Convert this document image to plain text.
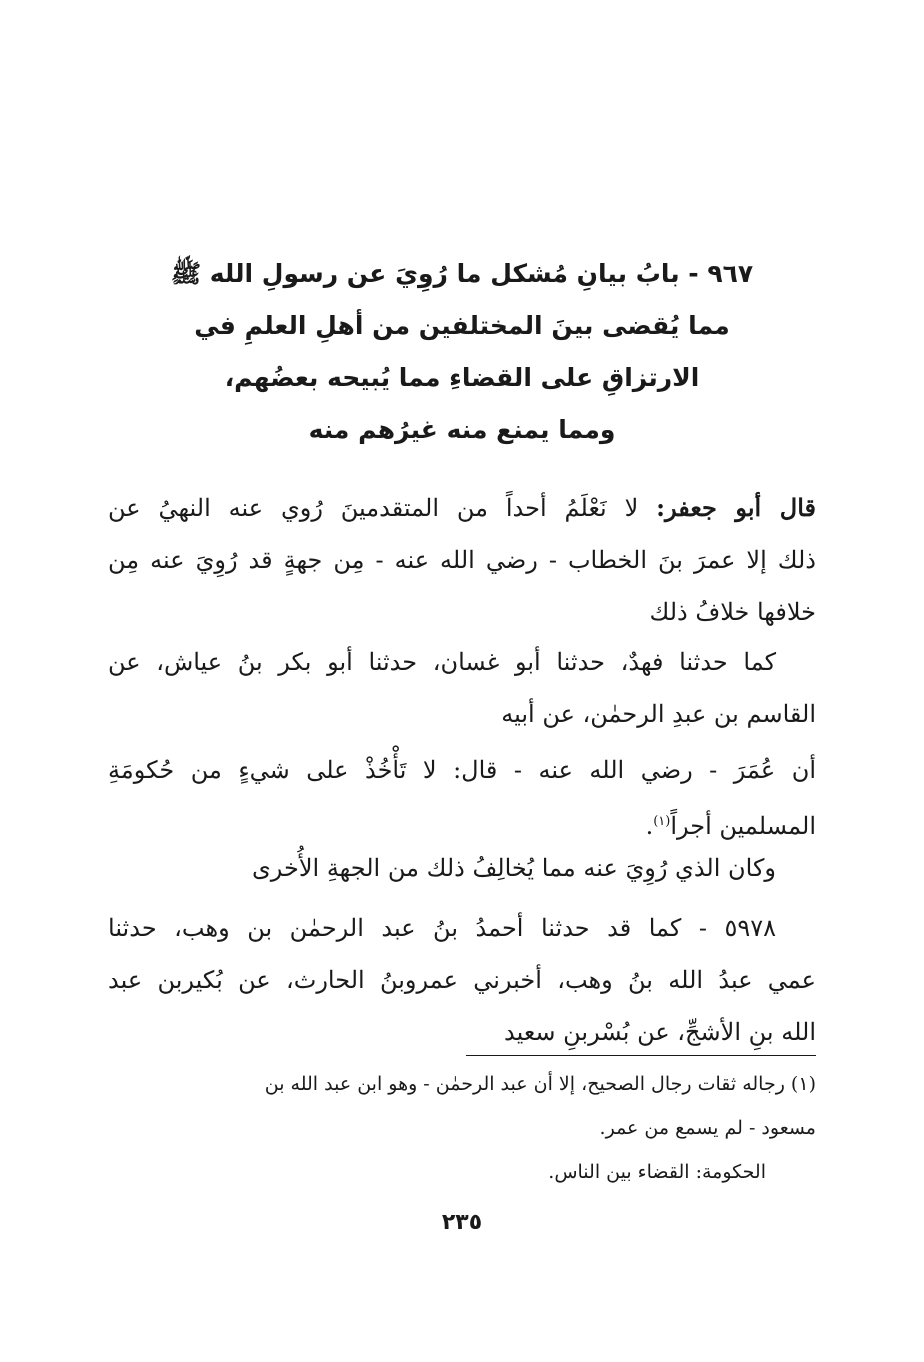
٩٦٧ - بابُ بيانِ مُشكل ما رُوِيَ عن رسولِ الله ﷺ
مما يُقضى بينَ المختلفين من أهلِ العلمِ في
الارتزاقِ على القضاءِ مما يُبيحه بعضُهم،
ومما يمنع منه غيرُهم منه
قال أبو جعفر: لا نَعْلَمُ أحداً من المتقدمينَ رُوي عنه النهيُ عن
ذلك إلا عمرَ بنَ الخطاب - رضي الله عنه - مِن جهةٍ قد رُوِيَ عنه مِن
خلافها خلافُ ذلك
كما حدثنا فهدٌ، حدثنا أبو غسان، حدثنا أبو بكر بنُ عياش، عن
القاسم بن عبدِ الرحمٰن، عن أبيه
أن عُمَرَ - رضي الله عنه - قال: لا تَأْخُذْ على شيءٍ من حُكومَةِ
المسلمين أجراً$^{(١)}$.
وكان الذي رُوِيَ عنه مما يُخالِفُ ذلك من الجهةِ الأُخرى
٥٩٧٨ - كما قد حدثنا أحمدُ بنُ عبد الرحمٰن بن وهب، حدثنا
عمي عبدُ الله بنُ وهب، أخبرني عمروبنُ الحارث، عن بُكيربن عبد
الله بنِ الأشجِّ، عن بُسْربنِ سعيد
(١) رجاله ثقات رجال الصحيح، إلا أن عبد الرحمٰن - وهو ابن عبد الله بن
مسعود - لم يسمع من عمر.
الحكومة: القضاء بين الناس.
٢٣٥
